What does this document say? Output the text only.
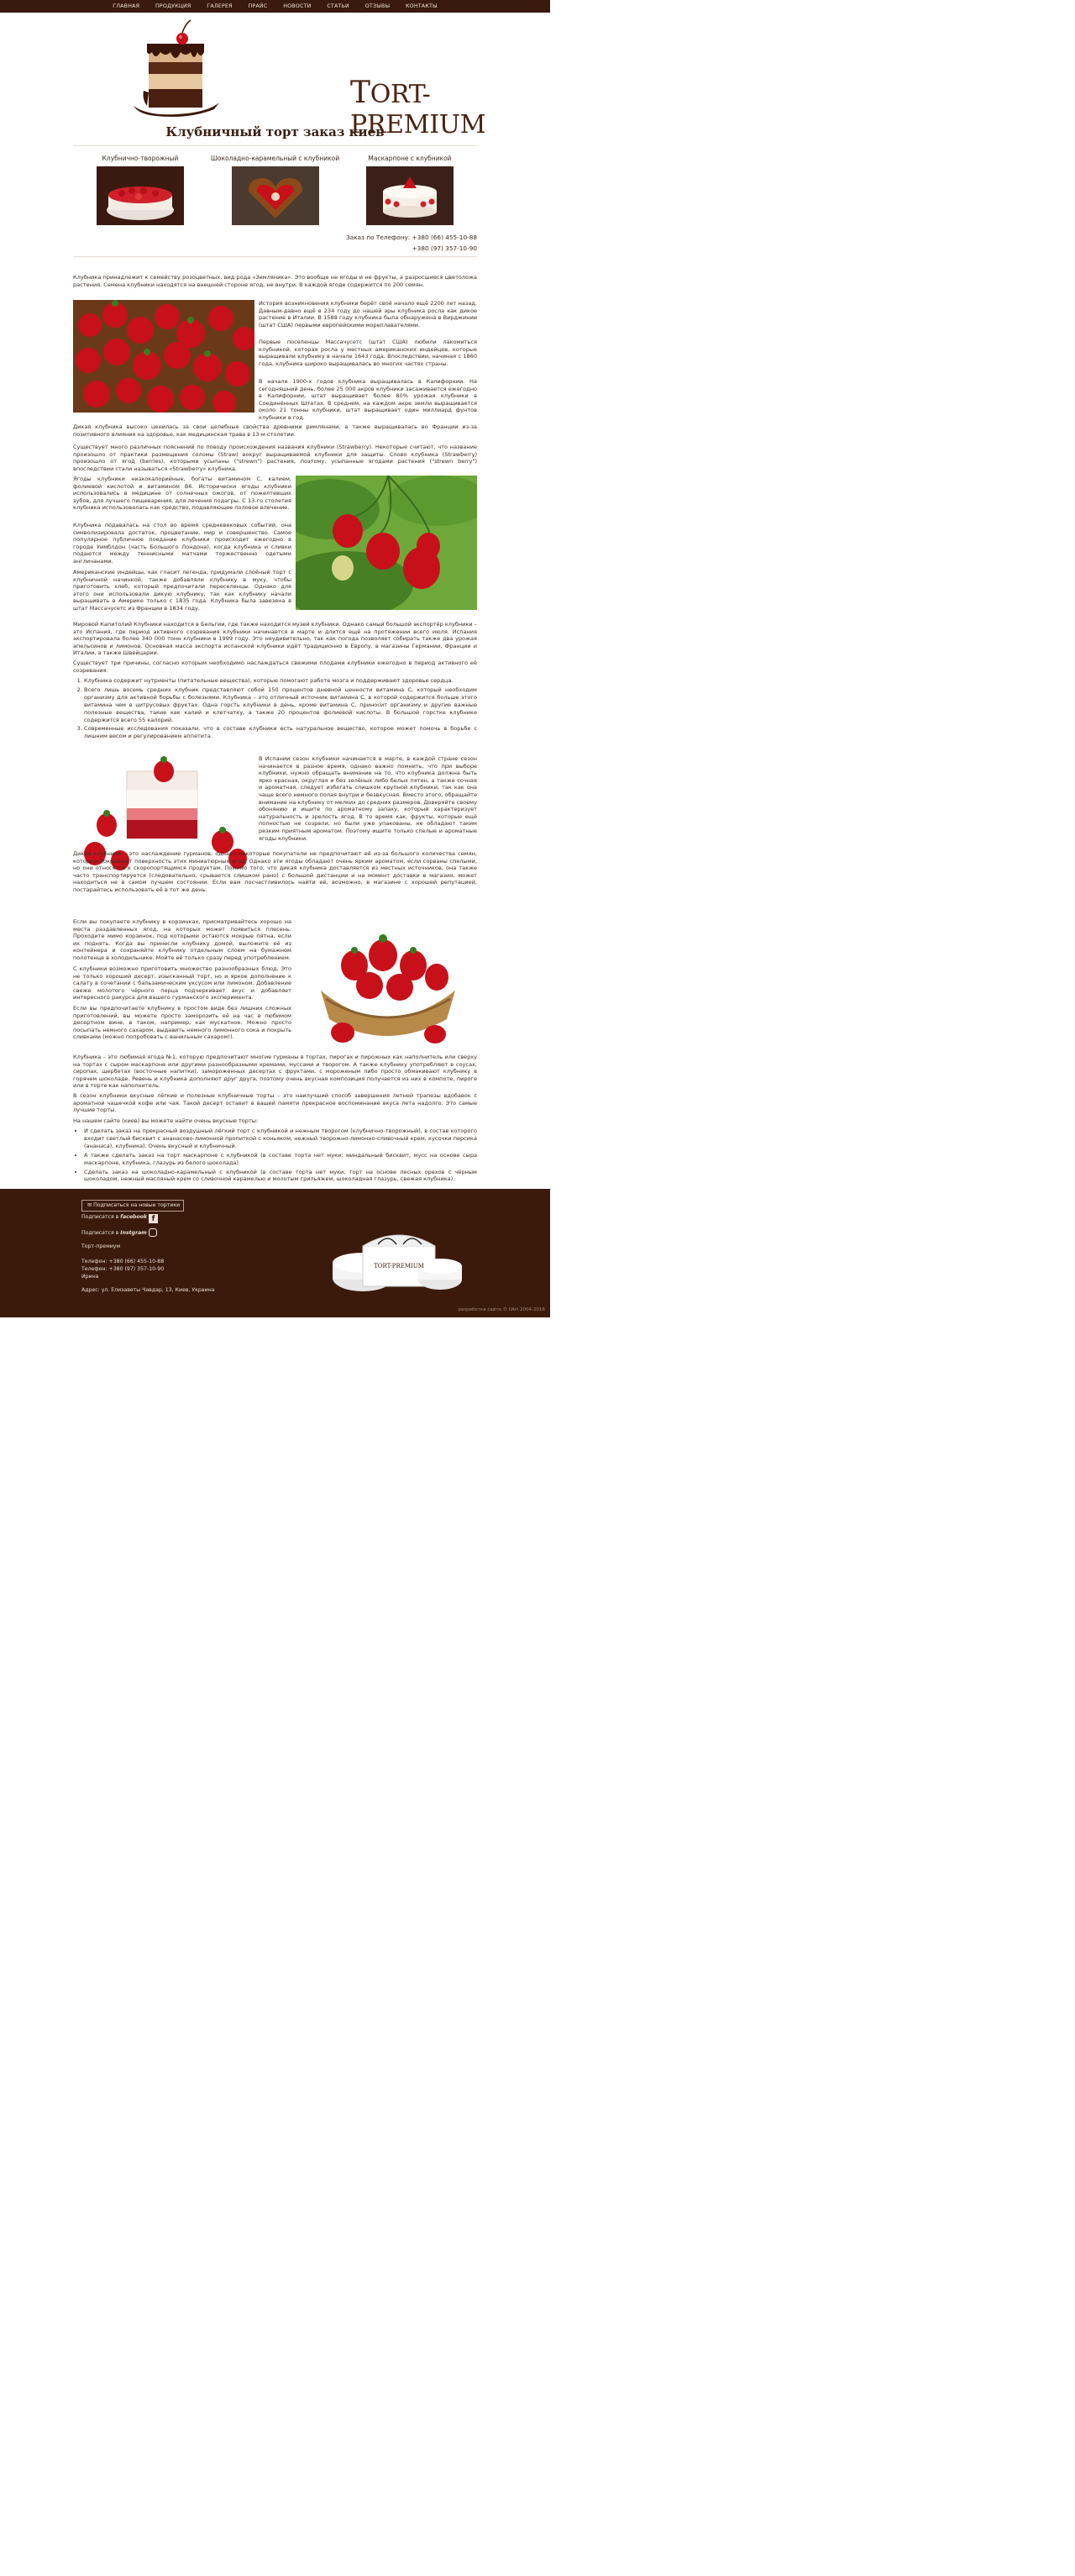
ГЛАВНАЯ	ПРОДУКЦИЯ	ГАЛЕРЕЯ	ПРАЙС	НОВОСТИ	СТАТЬИ	ОТЗЫВЫ	КОНТАКТЫ
TORT-PREMIUM
Клубничный торт заказ киев
Клубнично-творожный	Шоколадно-карамельный с клубникой	Маскарпоне с клубникой
Заказ по Телефону: +380 (66) 455-10-88
+380 (97) 357-10-90
Клубника принадлежит к семейству розоцветных, вид рода «Земляника». Это вообще не ягоды и не фрукты, а разросшиеся цветоложа растения. Семена клубники находятся на внешней стороне ягод, не внутри. В каждой ягоде содержится по 200 семян.
История возникновения клубники берёт своё начало ещё 2200 лет назад. Давным-давно ещё в 234 году до нашей эры клубника росла как дикое растение в Италии. В 1588 году клубника была обнаружена в Вирджинии (штат США) первыми европейскими мореплавателями.
Первые поселенцы Массачусетс (штат США) любили лакомиться клубникой, которая росла у местных американских индейцев, которые выращивали клубнику в начале 1643 года. Впоследствии, начиная с 1860 года, клубника широко выращивалась во многих частях страны.
В начале 1900-х годов клубника выращивалась в Калифорнии. На сегодняшний день, более 25 000 акров клубники засаживается ежегодно в Калифорнии, штат выращивает более 80% урожая клубники в Соединённых Штатах. В среднем, на каждом акре земли выращивается около 21 тонны клубники, штат выращивает один миллиард фунтов клубники в год.
Дикая клубника высоко ценилась за свои целебные свойства древними римлянами, а также выращивалась во Франции из-за позитивного влияния на здоровье, как медицинская трава в 13-м столетии.
Существует много различных пояснений по поводу происхождения названия клубники (Strawberry). Некоторые считают, что название произошло от практики размещения соломы (Straw) вокруг выращиваемой клубники для защиты. Слово клубника (Strawberry) произошло от ягод (berries), которыми усыпаны ("strewn") растения, поэтому, усыпанные ягодами растения ("strewn berry") впоследствии стали называться «Strawberry» клубника.
Ягоды клубники низкокалорийные, богаты витамином С, калием, фолиевой кислотой и витамином В6. Исторически ягоды клубники использовались в медицине от солнечных ожогов, от пожелтевших зубов, для лучшего пищеварения, для лечения подагры. С 13-го столетия клубника использовалась как средство, подавляющее половое влечение.
Клубника подавалась на стол во время средневековых событий, она символизировала достаток, процветание, мир и совершенство. Самое популярное публичное поедание клубники происходит ежегодно в городе Уимблдон (часть Большого Лондона), когда клубника и сливки подаются между теннисными матчами торжественно одетыми англичанами.
Американские индейцы, как гласит легенда, придумали слоёный торт с клубничной начинкой, также добавляли клубнику в муку, чтобы приготовить хлеб, который предпочитали переселенцы. Однако для этого они использовали дикую клубнику, так как клубнику начали выращивать в Америке только с 1835 года. Клубника была завезена в штат Массачусетс из Франции в 1834 году.
Мировой Капитолий Клубники находится в Бельгии, где также находится музей клубники. Однако самый большой экспортёр клубники – это Испания, где период активного созревания клубники начинается в марте и длится ещё на протяжении всего июля. Испания экспортировала более 340 000 тонн клубники в 1999 году. Это неудивительно, так как погода позволяет собирать также два урожая апельсинов и лимонов. Основная масса экспорта испанской клубники идёт традиционно в Европу, в магазины Германии, Франции и Италии, а также Швейцарии.
Существует три причины, согласно которым необходимо наслаждаться свежими плодами клубники ежегодно в период активного её созревания:
1. Клубника содержит нутриенты (питательные вещества), которые помогают работе мозга и поддерживают здоровье сердца.
2. Всего лишь восемь средних клубник представляют собой 150 процентов дневной ценности витамина С, который необходим организму для активной борьбы с болезнями. Клубника – это отличный источник витамина С, в которой содержится больше этого витамина чем в цитрусовых фруктах. Одна горсть клубники в день, кроме витамина С, приносит организму и другие важные полезные вещества, такие как калий и клетчатку, а также 20 процентов фолиевой кислоты. В большой горстке клубнике содержится всего 55 калорий.
3. Современные исследования показали, что в составе клубники есть натуральное вещество, которое может помочь в борьбе с лишним весом и регулированием аппетита.
В Испании сезон клубники начинается в марте, в каждой стране сезон начинается в разное время, однако важно помнить, что при выборе клубники, нужно обращать внимание на то, что клубника должна быть ярко красная, округлая и без зелёных либо белых пятен, а также сочная и ароматная, следует избегать слишком крупной клубники, так как она чаще всего немного полая внутри и безвкусная. Вместо этого, обращайте внимание на клубнику от мелких до средних размеров. Доверяйте своему обонянию и ищите по ароматному запаху, который характеризует натуральность и зрелость ягод. В то время как, фрукты, которые ещё полностью не созрели, но были уже упакованы, не обладают таким резким приятным ароматом. Поэтому ищите только спелые и ароматные ягоды клубники.
Дикая клубника – это наслаждение гурманов, однако некоторые покупатели не предпочитают её из-за большого количества семян, которые покрывают поверхность этих миниатюрных ягод. Однако эти ягоды обладают очень ярким ароматом, если сорваны спелыми, но они относятся к скоропортящимся продуктам. Помимо того, что дикая клубника доставляется из местных источников, она также часто транспортируется (следовательно, срывается слишком рано) с большой дистанции и на момент доставки в магазин, может находиться не в самом лучшем состоянии. Если вам посчастливилось найти её, возможно, в магазине с хорошей репутацией, постарайтесь использовать её в тот же день.
Если вы покупаете клубнику в корзинках, присматривайтесь хорошо на места раздавленных ягод, на которых может появиться плесень. Проходите мимо корзинок, под которыми остаются мокрые пятна, если их поднять. Когда вы принесли клубнику домой, выложите её из контейнера и сохраняйте клубнику отдельным слоем на бумажном полотенце в холодильнике. Мойте её только сразу перед употреблением.
С клубники возможно приготовить множество разнообразных блюд. Это не только хороший десерт, изысканный торт, но и яркое дополнение к салату в сочетании с бальзамическим уксусом или лимоном. Добавление свеже молотого чёрного перца подчеркивает вкус и добавляет интересного ракурса для вашего гурманского эксперимента.
Если вы предпочитаете клубнику в простом виде без лишних сложных приготовлений, вы можете просто заморозить её на час в любимом десертном вине, в таком, например, как мускатное. Можно просто посыпать немного сахаром, выдавить немного лимонного сока и покрыть сливками (можно попробовать с ванильным сахаром!).
Клубника – это любимая ягода №1, которую предпочитают многие гурманы в тортах, пирогах и пирожных как наполнитель или сверху на тортах с сыром маскарпоне или другими разнообразными кремами, муссами и творогом. А также клубнику употребляют в соусах, сиропах, щербетах (восточные напитки), замороженных десертах с фруктами, с мороженым либо просто обмакивают клубнику в горячем шоколаде. Ревень и клубника дополняют друг друга, поэтому очень вкусная композиция получается из них в компоте, пироге или в торте как наполнитель.
В сезон клубники вкусные лёгкие и полезные клубничные торты – это наилучший способ завершения летней трапезы вдобавок с ароматной чашечкой кофе или чая. Такой десерт оставит в вашей памяти прекрасное воспоминание вкуса лета надолго. Это самые лучшие торты.
На нашем сайте (киев) вы можете найти очень вкусные торты:
• И сделать заказ на прекрасный воздушный лёгкий торт с клубникой и нежным творогом (клубнично-творожный), в состав которого входит светлый бисквит с ананасово-лимонной пропиткой с коньяком, нежный творожно-лимонно-сливочный крем, кусочки персика (ананаса), клубника). Очень вкусный и клубничный.
• А также сделать заказ на торт маскарпоне с клубникой (в составе торта нет муки; миндальный бисквит, мусс на основе сыра маскарпоне, клубника, глазурь из белого шоколада)
• Сделать заказ на шоколадно-карамельный с клубникой (в составе торта нет муки; торт на основе лесных орехов с чёрным шоколадом, нежный масляный крем со сливочной карамелью и молотым грильяжем, шоколадная глазурь, свежая клубника).
✉ Подписаться на новые тортики
Подписатся в facebook f
Подписатся в Instgram
Торт-премиум
Телефон: +380 (66) 455-10-88
Телефон: +380 (97) 357-10-90
Ирина
Адрес: ул. Елизаветы Чавдар, 13, Киев, Украина
TORT-PREMIUM
разработка сайта © IlArt 2004-2016
